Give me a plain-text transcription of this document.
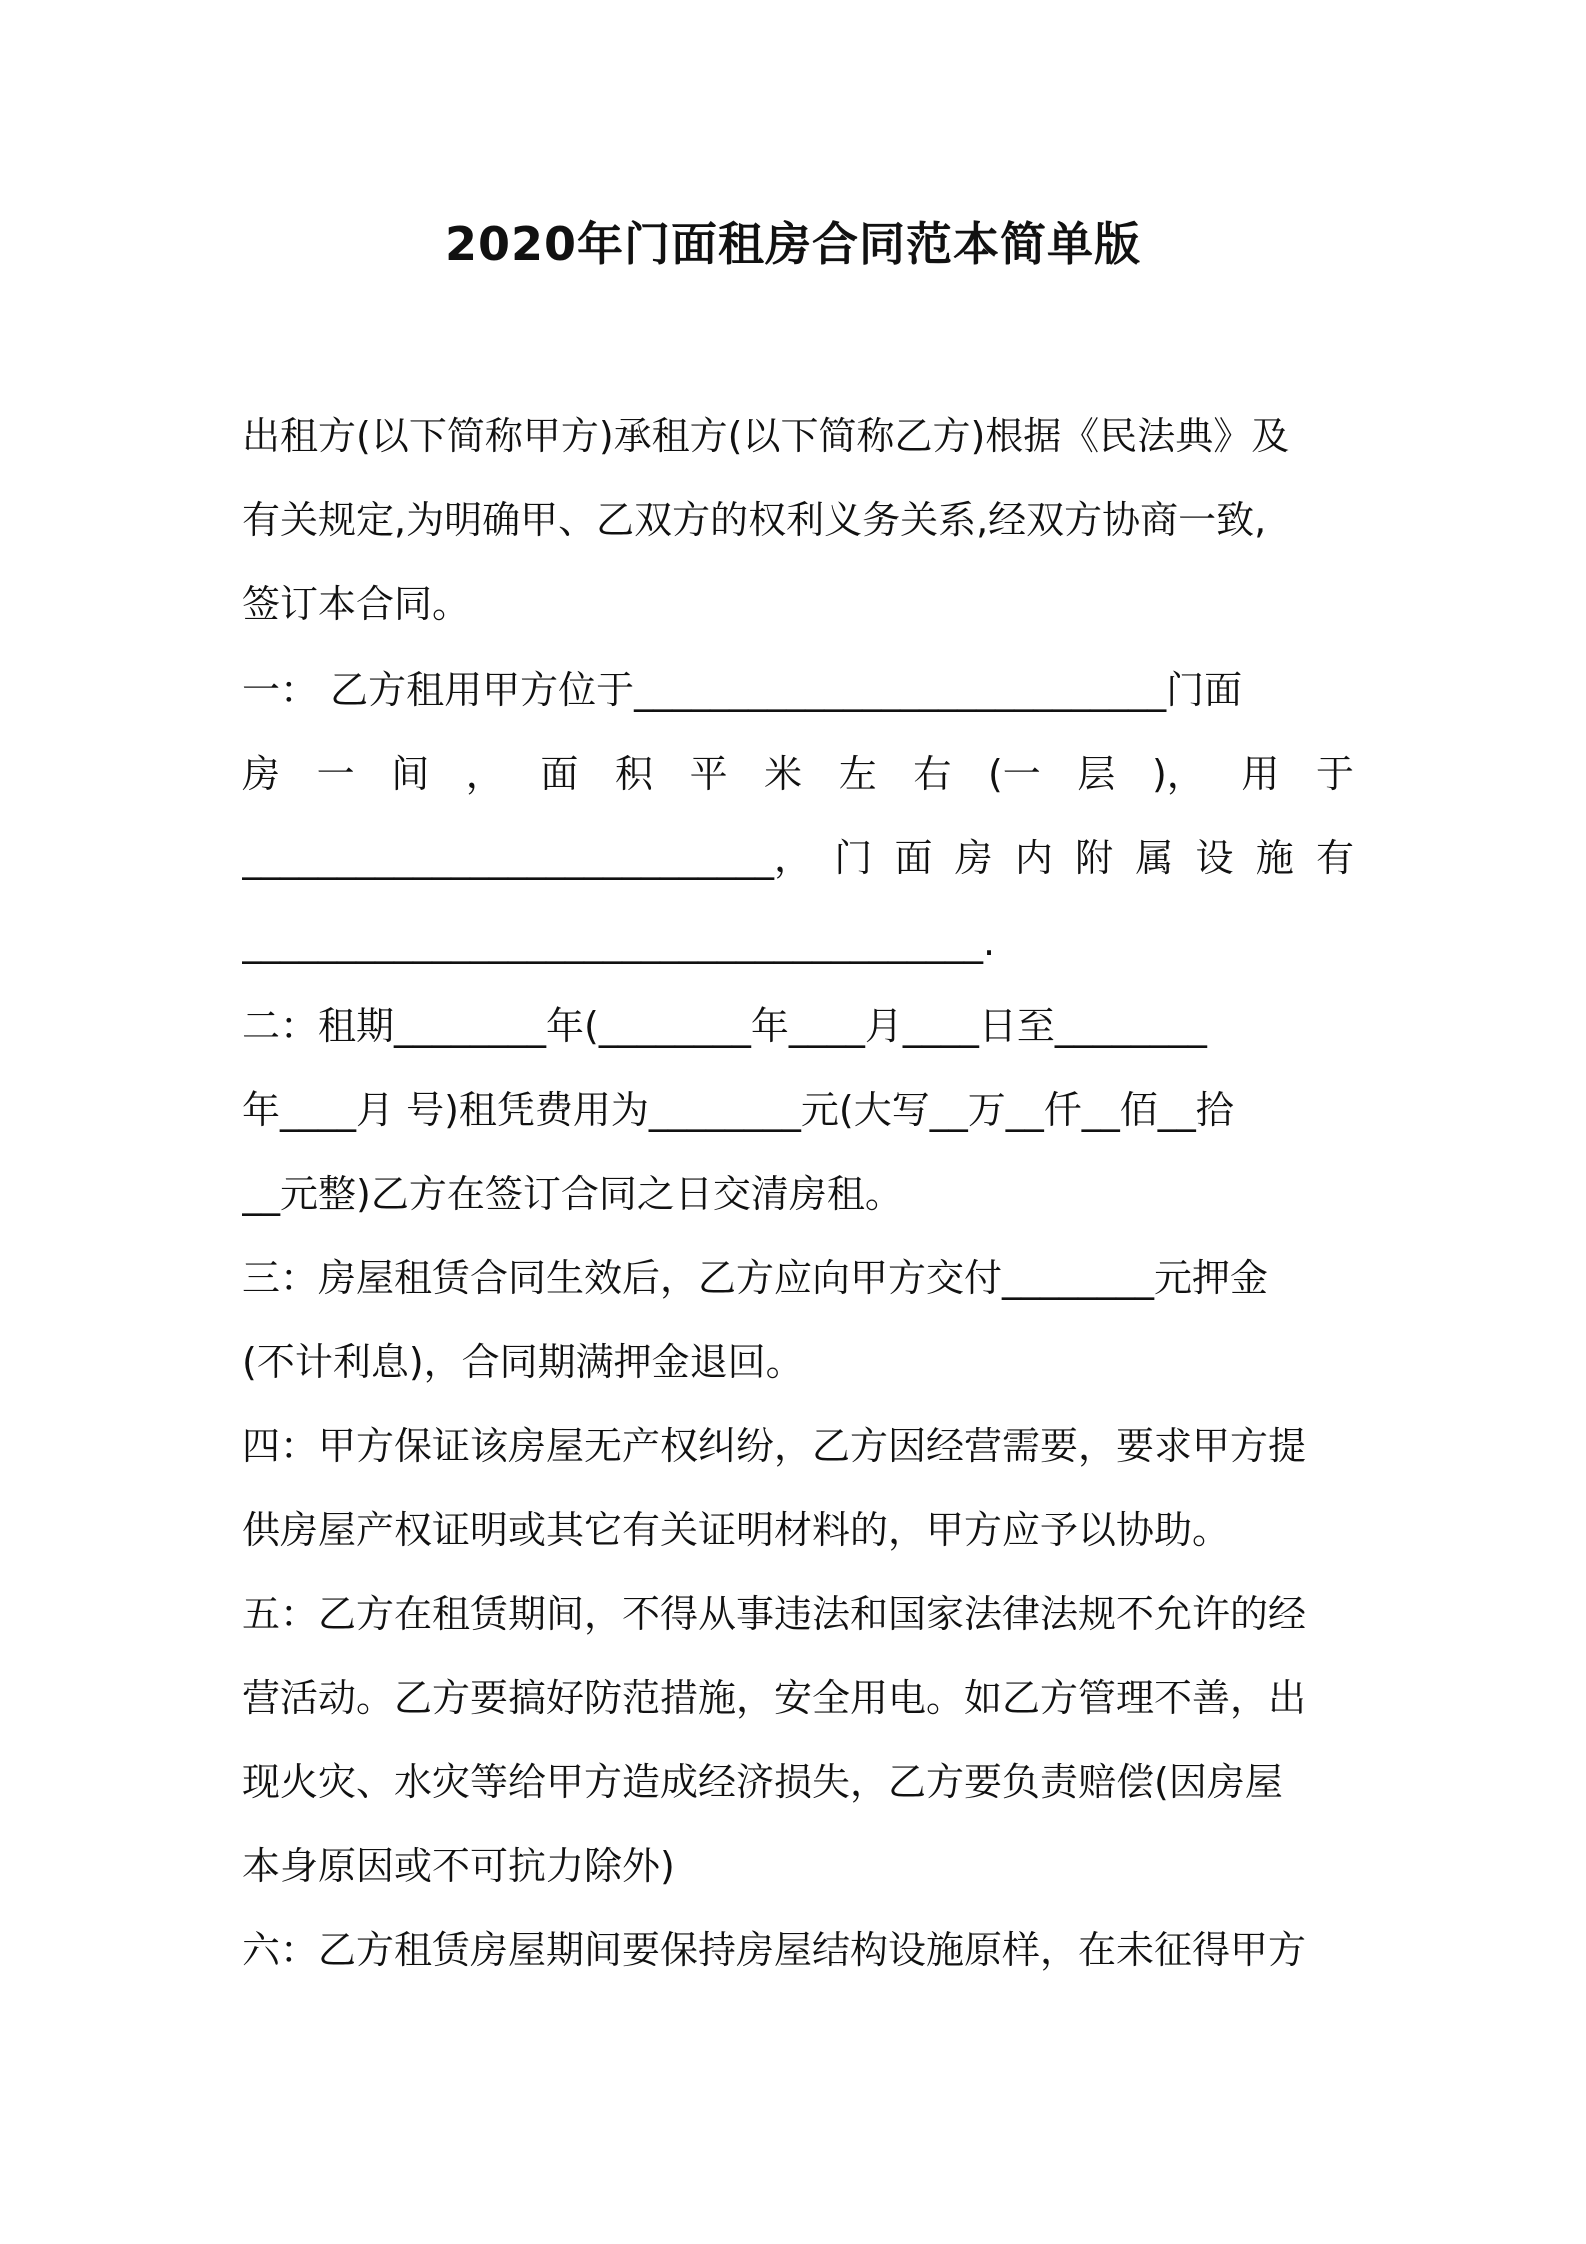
2020年门面租房合同范本简单版
出租方(以下简称甲方)承租方(以下简称乙方)根据《民法典》及
有关规定,为明确甲、乙双方的权利义务关系,经双方协商一致,
签订本合同。
一： 乙方租用甲方位于____________________________门面
房 一 间 ， 面 积 平 米 左 右 (一 层 )， 用 于
____________________________， 门 面 房 内 附 属 设 施 有
_______________________________________.
二：租期________年(________年____月____日至________
年____月 号)租凭费用为________元(大写__万__仟__佰__拾
__元整)乙方在签订合同之日交清房租。
三：房屋租赁合同生效后，乙方应向甲方交付________元押金
(不计利息)，合同期满押金退回。
四：甲方保证该房屋无产权纠纷，乙方因经营需要，要求甲方提
供房屋产权证明或其它有关证明材料的，甲方应予以协助。
五：乙方在租赁期间，不得从事违法和国家法律法规不允许的经
营活动。乙方要搞好防范措施，安全用电。如乙方管理不善，出
现火灾、水灾等给甲方造成经济损失，乙方要负责赔偿(因房屋
本身原因或不可抗力除外)
六：乙方租赁房屋期间要保持房屋结构设施原样，在未征得甲方
